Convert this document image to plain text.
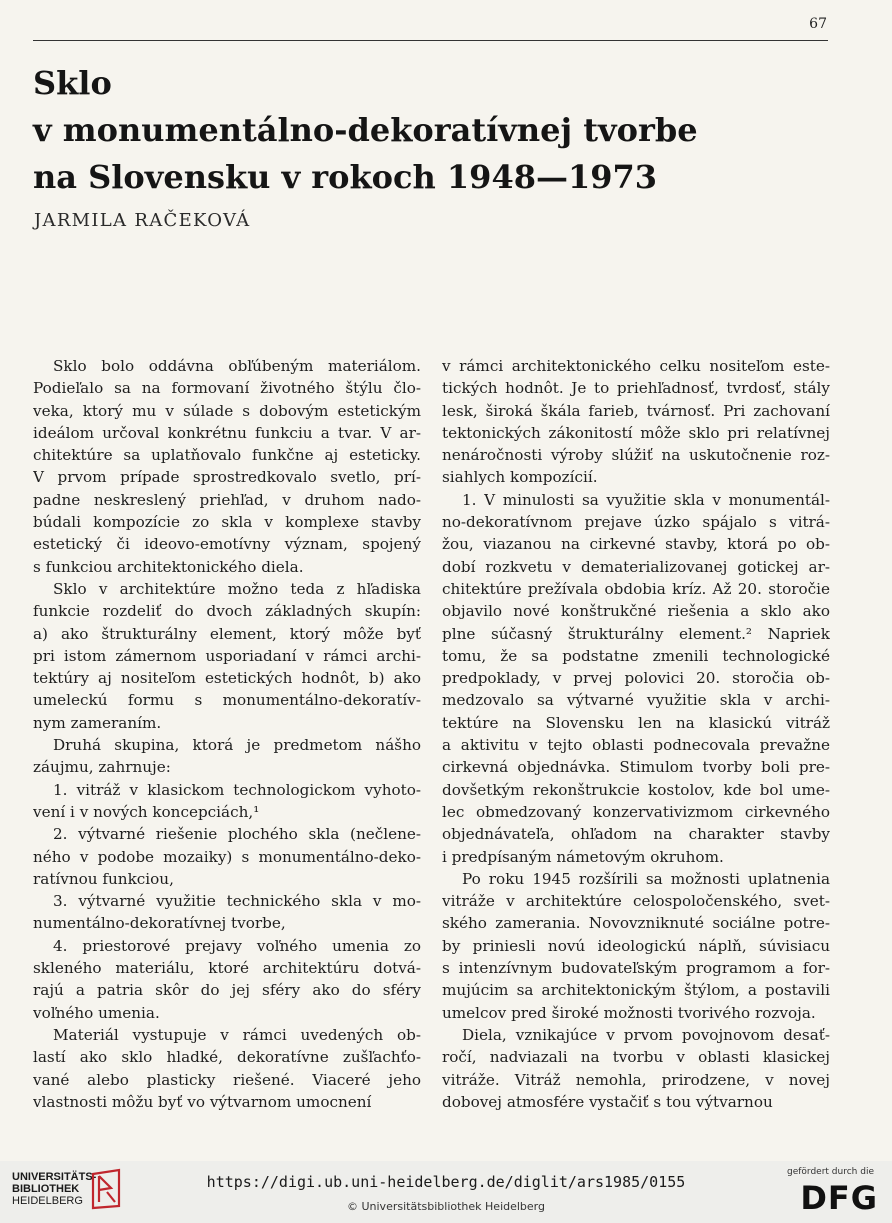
67
Sklo
v monumentálno-dekoratívnej tvorbe
na Slovensku v rokoch 1948—1973
JARMILA RAČEKOVÁ
Sklo bolo oddávna obľúbeným materiálom.
Podieľalo sa na formovaní životného štýlu člo-
veka, ktorý mu v súlade s dobovým estetickým
ideálom určoval konkrétnu funkciu a tvar. V ar-
chitektúre sa uplatňovalo funkčne aj esteticky.
V prvom prípade sprostredkovalo svetlo, prí-
padne neskreslený priehľad, v druhom nado-
búdali kompozície zo skla v komplexe stavby
estetický či ideovo-emotívny význam, spojený
s funkciou architektonického diela.
Sklo v architektúre možno teda z hľadiska
funkcie rozdeliť do dvoch základných skupín:
a) ako štrukturálny element, ktorý môže byť
pri istom zámernom usporiadaní v rámci archi-
tektúry aj nositeľom estetických hodnôt, b) ako
umeleckú formu s monumentálno-dekoratív-
nym zameraním.
Druhá skupina, ktorá je predmetom nášho
záujmu, zahrnuje:
1. vitráž v klasickom technologickom vyhoto-
vení i v nových koncepciách,¹
2. výtvarné riešenie plochého skla (nečlene-
ného v podobe mozaiky) s monumentálno-deko-
ratívnou funkciou,
3. výtvarné využitie technického skla v mo-
numentálno-dekoratívnej tvorbe,
4. priestorové prejavy voľného umenia zo
skleného materiálu, ktoré architektúru dotvá-
rajú a patria skôr do jej sféry ako do sféry
voľného umenia.
Materiál vystupuje v rámci uvedených ob-
lastí ako sklo hladké, dekoratívne zušľachťo-
vané alebo plasticky riešené. Viaceré jeho
vlastnosti môžu byť vo výtvarnom umocnení
v rámci architektonického celku nositeľom este-
tických hodnôt. Je to priehľadnosť, tvrdosť, stály
lesk, široká škála farieb, tvárnosť. Pri zachovaní
tektonických zákonitostí môže sklo pri relatívnej
nenáročnosti výroby slúžiť na uskutočnenie roz-
siahlych kompozícií.
1. V minulosti sa využitie skla v monumentál-
no-dekoratívnom prejave úzko spájalo s vitrá-
žou, viazanou na cirkevné stavby, ktorá po ob-
dobí rozkvetu v dematerializovanej gotickej ar-
chitektúre prežívala obdobia kríz. Až 20. storočie
objavilo nové konštrukčné riešenia a sklo ako
plne súčasný štrukturálny element.² Napriek
tomu, že sa podstatne zmenili technologické
predpoklady, v prvej polovici 20. storočia ob-
medzovalo sa výtvarné využitie skla v archi-
tektúre na Slovensku len na klasickú vitráž
a aktivitu v tejto oblasti podnecovala prevažne
cirkevná objednávka. Stimulom tvorby boli pre-
dovšetkým rekonštrukcie kostolov, kde bol ume-
lec obmedzovaný konzervativizmom cirkevného
objednávateľa, ohľadom na charakter stavby
i predpísaným námetovým okruhom.
Po roku 1945 rozšírili sa možnosti uplatnenia
vitráže v architektúre celospoločenského, svet-
ského zamerania. Novovzniknuté sociálne potre-
by priniesli novú ideologickú náplň, súvisiacu
s intenzívnym budovateľským programom a for-
mujúcim sa architektonickým štýlom, a postavili
umelcov pred široké možnosti tvorivého rozvoja.
Diela, vznikajúce v prvom povojnovom desať-
ročí, nadviazali na tvorbu v oblasti klasickej
vitráže. Vitráž nemohla, prirodzene, v novej
dobovej atmosfére vystačiť s tou výtvarnou
UNIVERSITÄTS-
BIBLIOTHEK
HEIDELBERG
https://digi.ub.uni-heidelberg.de/diglit/ars1985/0155
© Universitätsbibliothek Heidelberg
gefördert durch die
DFG
